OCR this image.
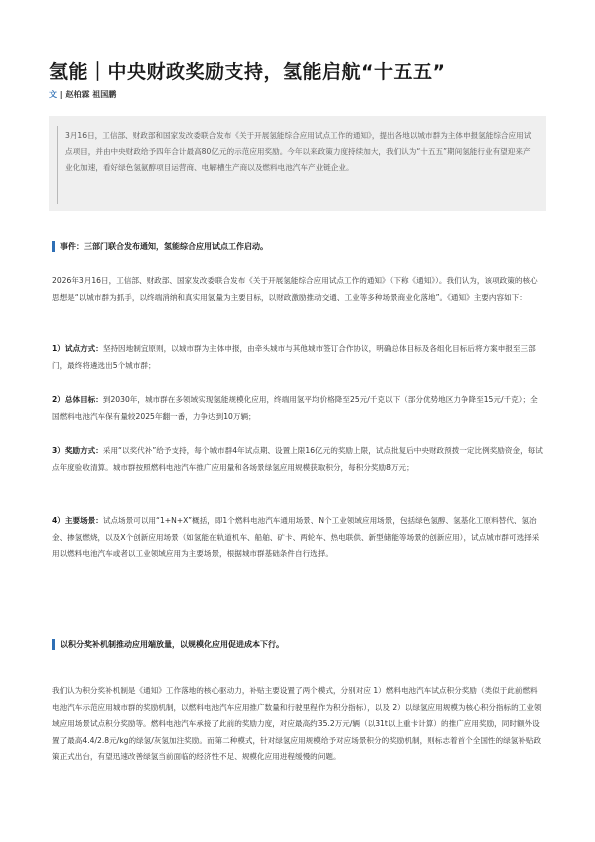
氢能｜中央财政奖励支持，氢能启航“十五五”
文 | 赵柏霖 祖国鹏

3月16日，工信部、财政部和国家发改委联合发布《关于开展氢能综合应用试点工作的通知》，提出各地以城市群为主体申报氢能综合应用试点项目，并由中央财政给予四年合计最高80亿元的示范应用奖励。今年以来政策力度持续加大，我们认为“十五五”期间氢能行业有望迎来产业化加速，看好绿色氢氨醇项目运营商、电解槽生产商以及燃料电池汽车产业链企业。

事件：三部门联合发布通知，氢能综合应用试点工作启动。

2026年3月16日，工信部、财政部、国家发改委联合发布《关于开展氢能综合应用试点工作的通知》（下称《通知》）。我们认为，该项政策的核心思想是“以城市群为抓手，以终端消纳和真实用氢量为主要目标，以财政激励推动交通、工业等多种场景商业化落地”。《通知》主要内容如下：

1）试点方式：坚持因地制宜原则，以城市群为主体申报，由牵头城市与其他城市签订合作协议，明确总体目标及各组化目标后将方案申报至三部门，最终将遴选出5个城市群；

2）总体目标：到2030年，城市群在多领域实现氢能规模化应用，终端用氢平均价格降至25元/千克以下（部分优势地区力争降至15元/千克）；全国燃料电池汽车保有量较2025年翻一番，力争达到10万辆；

3）奖励方式：采用“以奖代补”给予支持，每个城市群4年试点期、设置上限16亿元的奖励上限，试点批复后中央财政预拨一定比例奖励资金，每试点年度验收清算。城市群按照燃料电池汽车推广应用量和各场景绿氢应用规模获取积分，每积分奖励8万元；

4）主要场景：试点场景可以用“1+N+X”概括，即1个燃料电池汽车通用场景、N个工业领域应用场景，包括绿色氢醇、氢基化工原料替代、氢冶金、掺氢燃烧，以及X个创新应用场景（如氢能在轨道机车、船舶、矿卡、两轮车、热电联供、新型储能等场景的创新应用），试点城市群可选择采用以燃料电池汽车或者以工业领域应用为主要场景，根据城市群基础条件自行选择。

以积分奖补机制推动应用端放量，以规模化应用促进成本下行。

我们认为积分奖补机制是《通知》工作落地的核心驱动力，补贴主要设置了两个模式，分别对应 1）燃料电池汽车试点积分奖励（类似于此前燃料电池汽车示范应用城市群的奖励机制，以燃料电池汽车应用推广数量和行驶里程作为积分指标），以及 2）以绿氢应用规模为核心积分指标的工业领域应用场景试点积分奖励等。燃料电池汽车承接了此前的奖励力度，对应最高约35.2万元/辆（以31t以上重卡计算）的推广应用奖励，同时额外设置了最高4.4/2.8元/kg的绿氢/灰氢加注奖励。而第二种模式，针对绿氢应用规模给予对应场景积分的奖励机制，则标志着首个全国性的绿氢补贴政策正式出台，有望迅速改善绿氢当前面临的经济性不足、规模化应用进程缓慢的问题。
